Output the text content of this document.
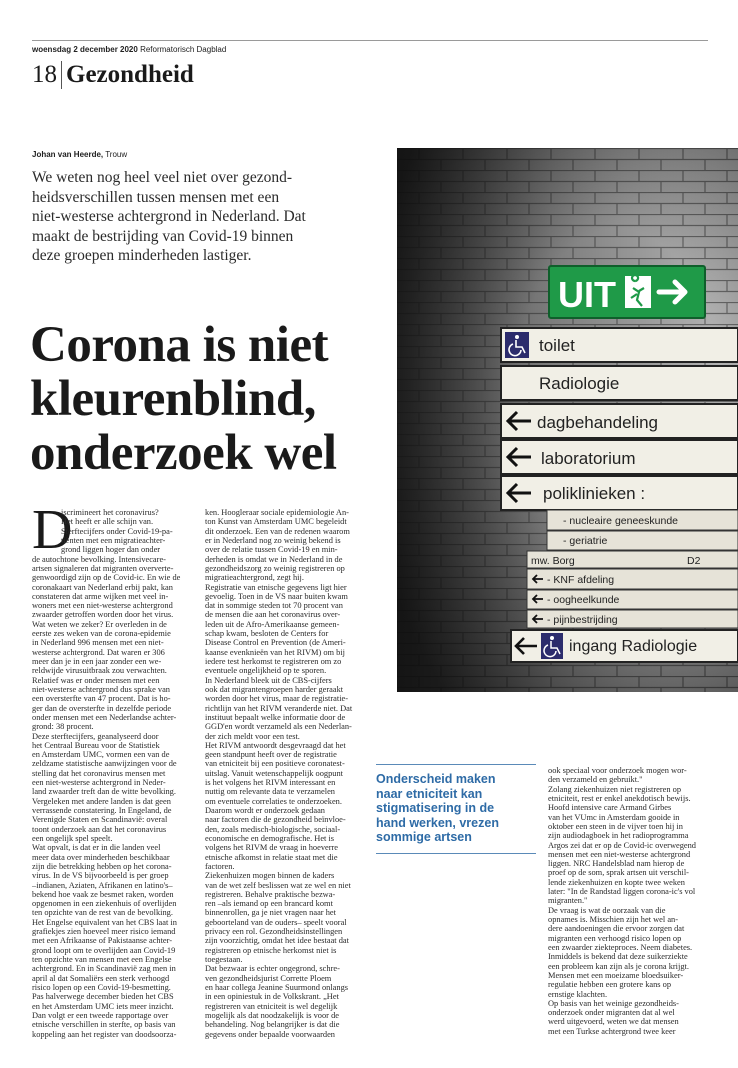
woensdag 2 december 2020 Reformatorisch Dagblad
18 Gezondheid
Johan van Heerde, Trouw
We weten nog heel veel niet over gezond-
heidsverschillen tussen mensen met een
niet-westerse achtergrond in Nederland. Dat
maakt de bestrijding van Covid-19 binnen
deze groepen minderheden lastiger.
Corona is niet
kleurenblind,
onderzoek wel
UIT
toilet
Radiologie
dagbehandeling
laboratorium
poliklinieken :
- nucleaire geneeskunde
- geriatrie
mw. Borg	D2
- KNF afdeling
- oogheelkunde
- pijnbestrijding
ingang Radiologie
D
iscrimineert het coronavirus?
Het heeft er alle schijn van.
Sterftecijfers onder Covid-19-pa-
tiënten met een migratieachter-
grond liggen hoger dan onder
de autochtone bevolking. Intensivecare-
artsen signaleren dat migranten oververte-
genwoordigd zijn op de Covid-ic. En wie de
coronakaart van Nederland erbij pakt, kan
constateren dat arme wijken met veel in-
woners met een niet-westerse achtergrond
zwaarder getroffen worden door het virus.
Wat weten we zeker? Er overleden in de
eerste zes weken van de corona-epidemie
in Nederland 996 mensen met een niet-
westerse achtergrond. Dat waren er 306
meer dan je in een jaar zonder een we-
reldwijde virusuitbraak zou verwachten.
Relatief was er onder mensen met een
niet-westerse achtergrond dus sprake van
een oversterfte van 47 procent. Dat is ho-
ger dan de oversterfte in dezelfde periode
onder mensen met een Nederlandse achter-
grond: 38 procent.
Deze sterftecijfers, geanalyseerd door
het Centraal Bureau voor de Statistiek
en Amsterdam UMC, vormen een van de
zeldzame statistische aanwijzingen voor de
stelling dat het coronavirus mensen met
een niet-westerse achtergrond in Neder-
land zwaarder treft dan de witte bevolking.
Vergeleken met andere landen is dat geen
verrassende constatering. In Engeland, de
Verenigde Staten en Scandinavië: overal
toont onderzoek aan dat het coronavirus
een ongelijk spel speelt.
Wat opvalt, is dat er in die landen veel
meer data over minderheden beschikbaar
zijn die betrekking hebben op het corona-
virus. In de VS bijvoorbeeld is per groep
–indianen, Aziaten, Afrikanen en latino's–
bekend hoe vaak ze besmet raken, worden
opgenomen in een ziekenhuis of overlijden
ten opzichte van de rest van de bevolking.
Het Engelse equivalent van het CBS laat in
grafiekjes zien hoeveel meer risico iemand
met een Afrikaanse of Pakistaanse achter-
grond loopt om te overlijden aan Covid-19
ten opzichte van mensen met een Engelse
achtergrond. En in Scandinavië zag men in
april al dat Somaliërs een sterk verhoogd
risico lopen op een Covid-19-besmetting.
Pas halverwege december bieden het CBS
en het Amsterdam UMC iets meer inzicht.
Dan volgt er een tweede rapportage over
etnische verschillen in sterfte, op basis van
koppeling aan het register van doodsoorza-
ken. Hoogleraar sociale epidemiologie An-
ton Kunst van Amsterdam UMC begeleidt
dit onderzoek. Een van de redenen waarom
er in Nederland nog zo weinig bekend is
over de relatie tussen Covid-19 en min-
derheden is omdat we in Nederland in de
gezondheidszorg zo weinig registreren op
migratieachtergrond, zegt hij.
Registratie van etnische gegevens ligt hier
gevoelig. Toen in de VS naar buiten kwam
dat in sommige steden tot 70 procent van
de mensen die aan het coronavirus over-
leden uit de Afro-Amerikaanse gemeen-
schap kwam, besloten de Centers for
Disease Control en Prevention (de Ameri-
kaanse evenknieën van het RIVM) om bij
iedere test herkomst te registreren om zo
eventuele ongelijkheid op te sporen.
In Nederland bleek uit de CBS-cijfers
ook dat migrantengroepen harder geraakt
worden door het virus, maar de registratie-
richtlijn van het RIVM veranderde niet. Dat
instituut bepaalt welke informatie door de
GGD'en wordt verzameld als een Nederlan-
der zich meldt voor een test.
Het RIVM antwoordt desgevraagd dat het
geen standpunt heeft over de registratie
van etniciteit bij een positieve coronatest-
uitslag. Vanuit wetenschappelijk oogpunt
is het volgens het RIVM interessant en
nuttig om relevante data te verzamelen
om eventuele correlaties te onderzoeken.
Daarom wordt er onderzoek gedaan
naar factoren die de gezondheid beïnvloe-
den, zoals medisch-biologische, sociaal-
economische en demografische. Het is
volgens het RIVM de vraag in hoeverre
etnische afkomst in relatie staat met die
factoren.
Ziekenhuizen mogen binnen de kaders
van de wet zelf beslissen wat ze wel en niet
registreren. Behalve praktische bezwa-
ren –als iemand op een brancard komt
binnenrollen, ga je niet vragen naar het
geboorteland van de ouders– speelt vooral
privacy een rol. Gezondheidsinstellingen
zijn voorzichtig, omdat het idee bestaat dat
registreren op etnische herkomst niet is
toegestaan.
Dat bezwaar is echter ongegrond, schre-
ven gezondheidsjurist Corrette Ploem
en haar collega Jeanine Suurmond onlangs
in een opiniestuk in de Volkskrant. „Het
registreren van etniciteit is wel degelijk
mogelijk als dat noodzakelijk is voor de
behandeling. Nog belangrijker is dat die
gegevens onder bepaalde voorwaarden
Onderscheid maken
naar etniciteit kan
stigmatisering in de
hand werken, vrezen
sommige artsen
ook speciaal voor onderzoek mogen wor-
den verzameld en gebruikt."
Zolang ziekenhuizen niet registreren op
etniciteit, rest er enkel anekdotisch bewijs.
Hoofd intensive care Armand Girbes
van het VUmc in Amsterdam gooide in
oktober een steen in de vijver toen hij in
zijn audiodagboek in het radioprogramma
Argos zei dat er op de Covid-ic overwegend
mensen met een niet-westerse achtergrond
liggen. NRC Handelsblad nam hierop de
proef op de som, sprak artsen uit verschil-
lende ziekenhuizen en kopte twee weken
later: "In de Randstad liggen corona-ic's vol
migranten."
De vraag is wat de oorzaak van die
opnames is. Misschien zijn het wel an-
dere aandoeningen die ervoor zorgen dat
migranten een verhoogd risico lopen op
een zwaarder ziekteproces. Neem diabetes.
Inmiddels is bekend dat deze suikerziekte
een probleem kan zijn als je corona krijgt.
Mensen met een moeizame bloedsuiker-
regulatie hebben een grotere kans op
ernstige klachten.
Op basis van het weinige gezondheids-
onderzoek onder migranten dat al wel
werd uitgevoerd, weten we dat mensen
met een Turkse achtergrond twee keer
